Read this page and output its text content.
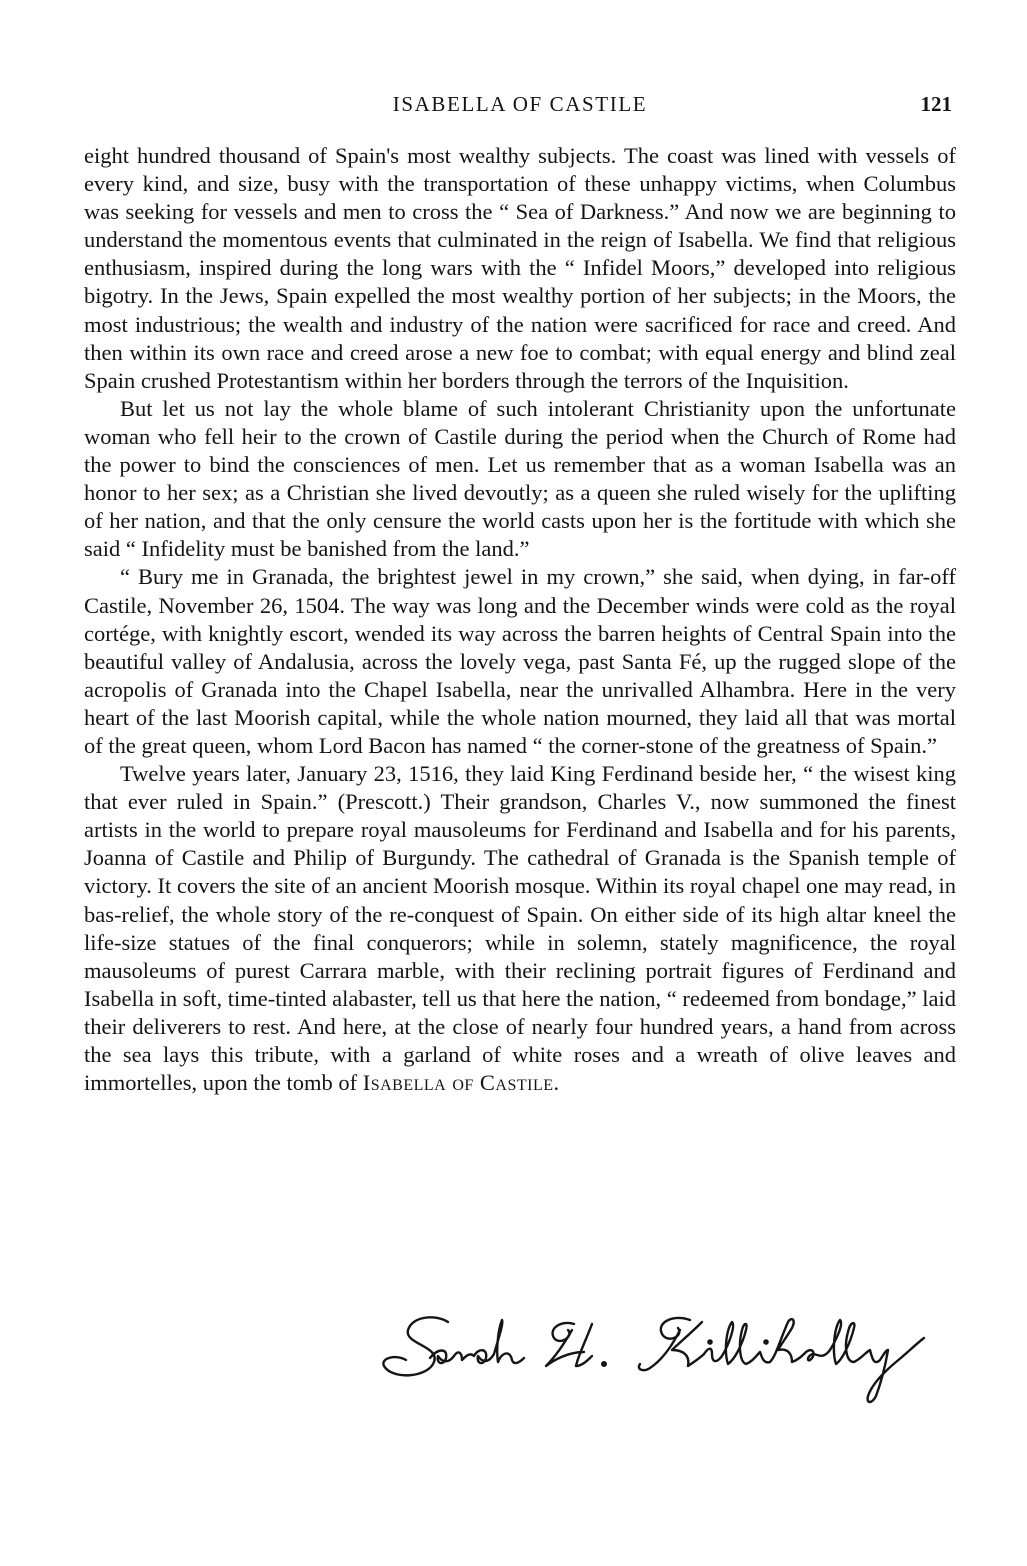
ISABELLA OF CASTILE	121

eight hundred thousand of Spain's most wealthy subjects. The coast was lined with vessels of every kind, and size, busy with the transportation of these unhappy victims, when Columbus was seeking for vessels and men to cross the “ Sea of Darkness.” And now we are beginning to understand the momentous events that culminated in the reign of Isabella. We find that religious enthusiasm, inspired during the long wars with the “ Infidel Moors,” developed into religious bigotry. In the Jews, Spain expelled the most wealthy portion of her subjects; in the Moors, the most industrious; the wealth and industry of the nation were sacrificed for race and creed. And then within its own race and creed arose a new foe to combat; with equal energy and blind zeal Spain crushed Protestantism within her borders through the terrors of the Inquisition.

But let us not lay the whole blame of such intolerant Christianity upon the unfortunate woman who fell heir to the crown of Castile during the period when the Church of Rome had the power to bind the consciences of men. Let us remember that as a woman Isabella was an honor to her sex; as a Christian she lived devoutly; as a queen she ruled wisely for the uplifting of her nation, and that the only censure the world casts upon her is the fortitude with which she said “ Infidelity must be banished from the land.”

“ Bury me in Granada, the brightest jewel in my crown,” she said, when dying, in far-off Castile, November 26, 1504. The way was long and the December winds were cold as the royal cortége, with knightly escort, wended its way across the barren heights of Central Spain into the beautiful valley of Andalusia, across the lovely vega, past Santa Fé, up the rugged slope of the acropolis of Granada into the Chapel Isabella, near the unrivalled Alhambra. Here in the very heart of the last Moorish capital, while the whole nation mourned, they laid all that was mortal of the great queen, whom Lord Bacon has named “ the corner-stone of the greatness of Spain.”

Twelve years later, January 23, 1516, they laid King Ferdinand beside her, “ the wisest king that ever ruled in Spain.” (Prescott.) Their grandson, Charles V., now summoned the finest artists in the world to prepare royal mausoleums for Ferdinand and Isabella and for his parents, Joanna of Castile and Philip of Burgundy. The cathedral of Granada is the Spanish temple of victory. It covers the site of an ancient Moorish mosque. Within its royal chapel one may read, in bas-relief, the whole story of the re-conquest of Spain. On either side of its high altar kneel the life-size statues of the final conquerors; while in solemn, stately magnificence, the royal mausoleums of purest Carrara marble, with their reclining portrait figures of Ferdinand and Isabella in soft, time-tinted alabaster, tell us that here the nation, “ redeemed from bondage,” laid their deliverers to rest. And here, at the close of nearly four hundred years, a hand from across the sea lays this tribute, with a garland of white roses and a wreath of olive leaves and immortelles, upon the tomb of Isabella of Castile.
